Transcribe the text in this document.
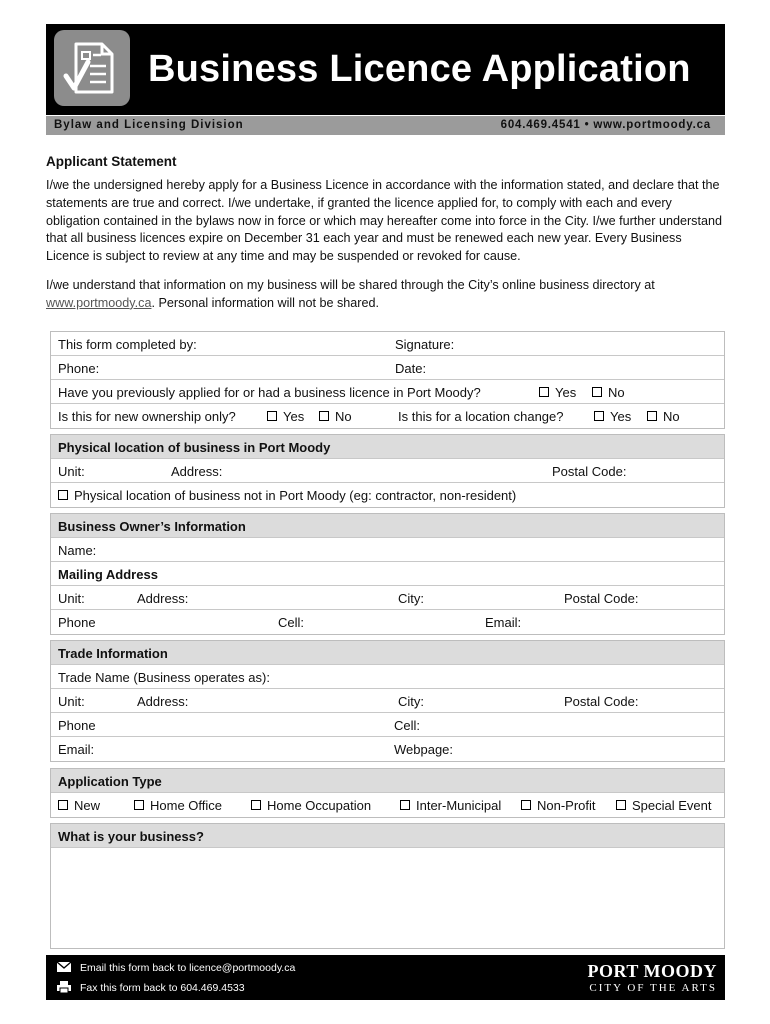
Business Licence Application
Bylaw and Licensing Division	604.469.4541 • www.portmoody.ca
Applicant Statement
I/we the undersigned hereby apply for a Business Licence in accordance with the information stated, and declare that the statements are true and correct. I/we undertake, if granted the licence applied for, to comply with each and every obligation contained in the bylaws now in force or which may hereafter come into force in the City. I/we further understand that all business licences expire on December 31 each year and must be renewed each new year. Every Business Licence is subject to review at any time and may be suspended or revoked for cause.
I/we understand that information on my business will be shared through the City’s online business directory at www.portmoody.ca. Personal information will not be shared.
This form completed by:	Signature:
Phone:	Date:
Have you previously applied for or had a business licence in Port Moody?	Yes	No
Is this for new ownership only?	Yes	No	Is this for a location change?	Yes	No
Physical location of business in Port Moody
Unit:	Address:	Postal Code:
Physical location of business not in Port Moody (eg: contractor, non-resident)
Business Owner’s Information
Name:
Mailing Address
Unit:	Address:	City:	Postal Code:
Phone	Cell:	Email:
Trade Information
Trade Name (Business operates as):
Unit:	Address:	City:	Postal Code:
Phone	Cell:
Email:	Webpage:
Application Type
New	Home Office	Home Occupation	Inter-Municipal	Non-Profit	Special Event
What is your business?
Email this form back to licence@portmoody.ca
Fax this form back to 604.469.4533
PORT MOODY
CITY OF THE ARTS
